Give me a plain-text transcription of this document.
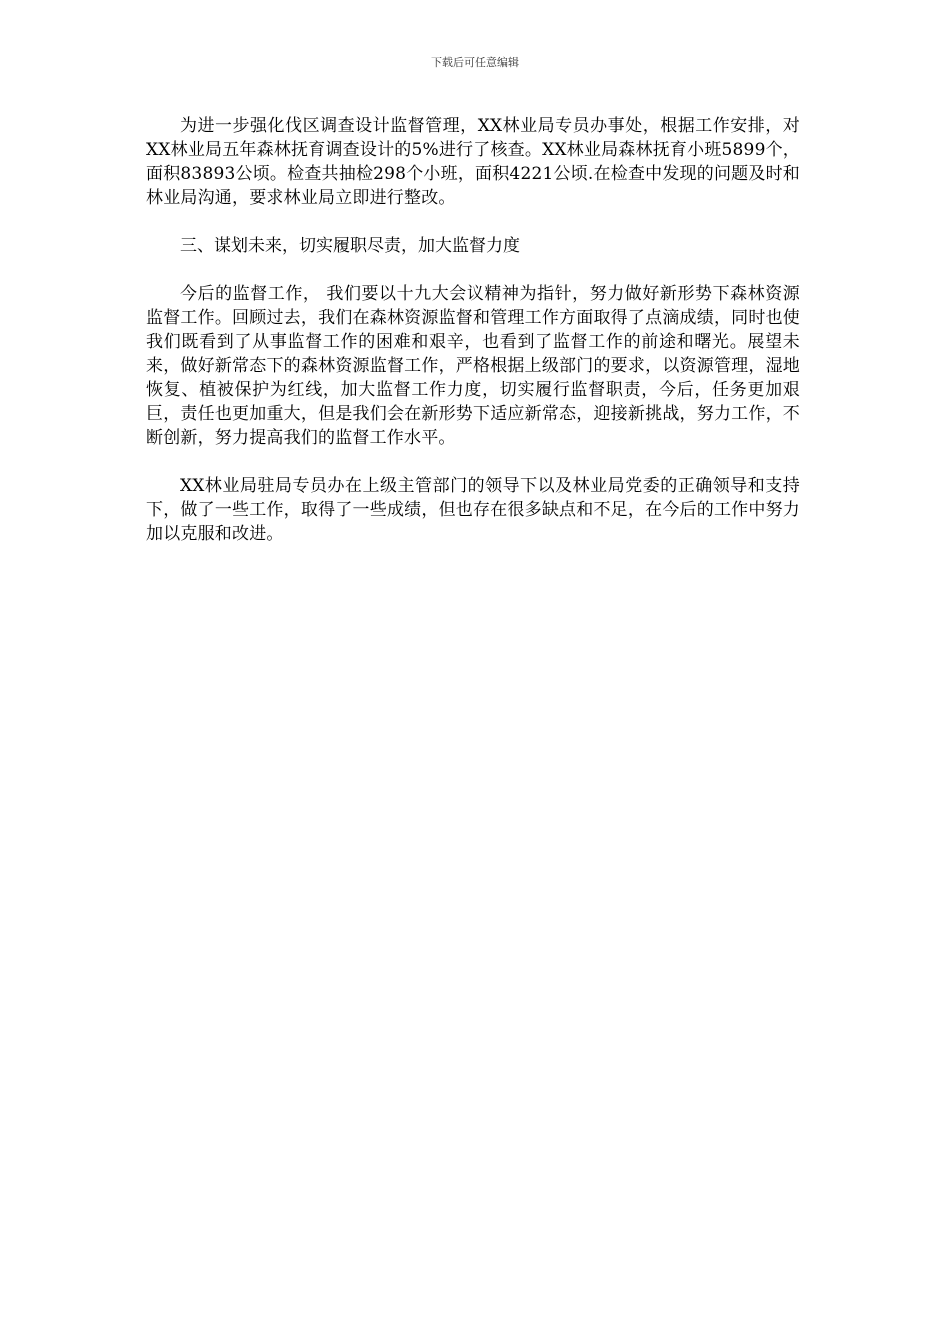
下载后可任意编辑

为进一步强化伐区调查设计监督管理，XX林业局专员办事处，根据工作安排，对XX林业局五年森林抚育调查设计的5%进行了核查。XX林业局森林抚育小班5899个，面积83893公顷。检查共抽检298个小班，面积4221公顷.在检查中发现的问题及时和林业局沟通，要求林业局立即进行整改。

三、谋划未来，切实履职尽责，加大监督力度

今后的监督工作， 我们要以十九大会议精神为指针，努力做好新形势下森林资源监督工作。回顾过去，我们在森林资源监督和管理工作方面取得了点滴成绩，同时也使我们既看到了从事监督工作的困难和艰辛，也看到了监督工作的前途和曙光。展望未来，做好新常态下的森林资源监督工作，严格根据上级部门的要求，以资源管理，湿地恢复、植被保护为红线，加大监督工作力度，切实履行监督职责，今后，任务更加艰巨，责任也更加重大，但是我们会在新形势下适应新常态，迎接新挑战，努力工作，不断创新，努力提高我们的监督工作水平。

XX林业局驻局专员办在上级主管部门的领导下以及林业局党委的正确领导和支持下，做了一些工作，取得了一些成绩，但也存在很多缺点和不足，在今后的工作中努力加以克服和改进。
